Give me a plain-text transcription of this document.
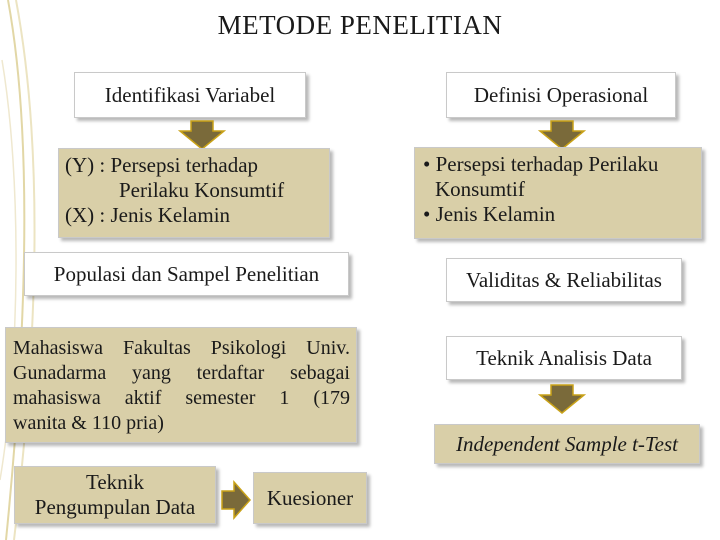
METODE PENELITIAN
Identifikasi Variabel
(Y) : Persepsi terhadap
Perilaku Konsumtif
(X) : Jenis Kelamin
Populasi dan Sampel Penelitian
Mahasiswa Fakultas Psikologi Univ.
Gunadarma yang terdaftar sebagai
mahasiswa aktif semester 1 (179
wanita & 110 pria)
Teknik
Pengumpulan Data	Kuesioner
Definisi Operasional
• Persepsi terhadap Perilaku
Konsumtif
• Jenis Kelamin
Validitas & Reliabilitas
Teknik Analisis Data
Independent Sample t-Test
